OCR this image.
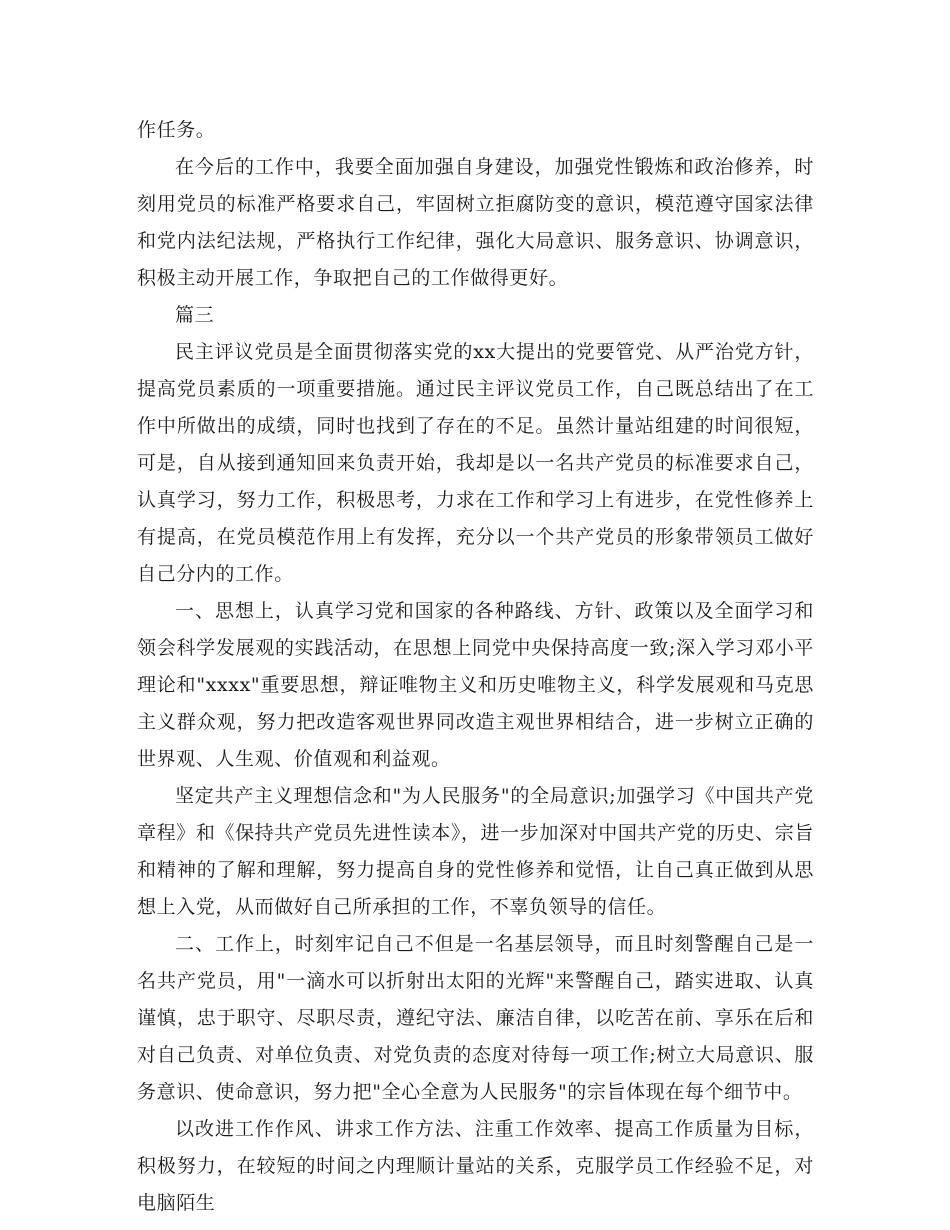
作任务。

在今后的工作中，我要全面加强自身建设，加强党性锻炼和政治修养，时刻用党员的标准严格要求自己，牢固树立拒腐防变的意识，模范遵守国家法律和党内法纪法规，严格执行工作纪律，强化大局意识、服务意识、协调意识，积极主动开展工作，争取把自己的工作做得更好。

篇三

民主评议党员是全面贯彻落实党的xx大提出的党要管党、从严治党方针，提高党员素质的一项重要措施。通过民主评议党员工作，自己既总结出了在工作中所做出的成绩，同时也找到了存在的不足。虽然计量站组建的时间很短，可是，自从接到通知回来负责开始，我却是以一名共产党员的标准要求自己，认真学习，努力工作，积极思考，力求在工作和学习上有进步，在党性修养上有提高，在党员模范作用上有发挥，充分以一个共产党员的形象带领员工做好自己分内的工作。

一、思想上，认真学习党和国家的各种路线、方针、政策以及全面学习和领会科学发展观的实践活动，在思想上同党中央保持高度一致;深入学习邓小平理论和"xxxx"重要思想，辩证唯物主义和历史唯物主义，科学发展观和马克思主义群众观，努力把改造客观世界同改造主观世界相结合，进一步树立正确的世界观、人生观、价值观和利益观。

坚定共产主义理想信念和"为人民服务"的全局意识;加强学习《中国共产党章程》和《保持共产党员先进性读本》，进一步加深对中国共产党的历史、宗旨和精神的了解和理解，努力提高自身的党性修养和觉悟，让自己真正做到从思想上入党，从而做好自己所承担的工作，不辜负领导的信任。

二、工作上，时刻牢记自己不但是一名基层领导，而且时刻警醒自己是一名共产党员，用"一滴水可以折射出太阳的光辉"来警醒自己，踏实进取、认真谨慎，忠于职守、尽职尽责，遵纪守法、廉洁自律，以吃苦在前、享乐在后和对自己负责、对单位负责、对党负责的态度对待每一项工作;树立大局意识、服务意识、使命意识，努力把"全心全意为人民服务"的宗旨体现在每个细节中。

以改进工作作风、讲求工作方法、注重工作效率、提高工作质量为目标，积极努力，在较短的时间之内理顺计量站的关系，克服学员工作经验不足，对电脑陌生
